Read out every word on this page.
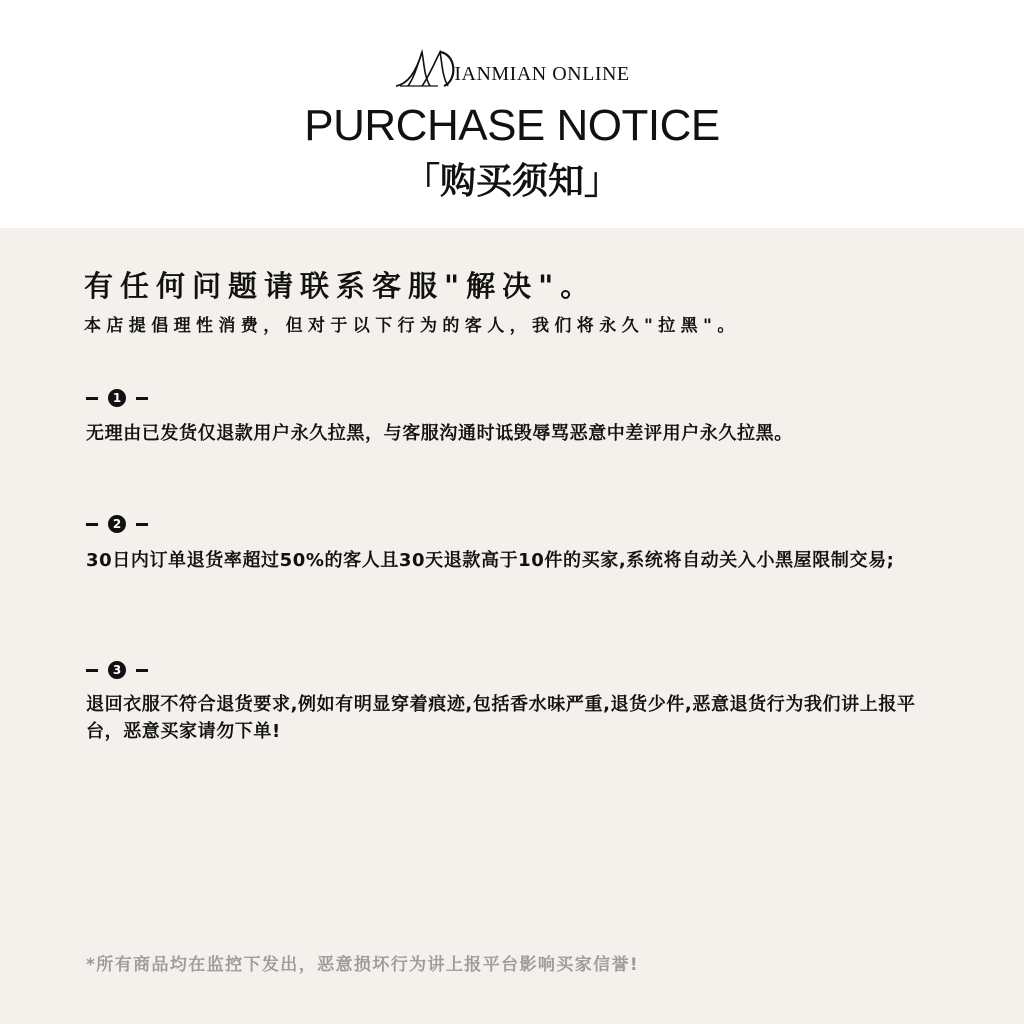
IANMIAN ONLINE
PURCHASE NOTICE
「购买须知」
有任何问题请联系客服"解决"。
本店提倡理性消费，但对于以下行为的客人，我们将永久"拉黑"。
1
无理由已发货仅退款用户永久拉黑，与客服沟通时诋毁辱骂恶意中差评用户永久拉黑。
2
30日内订单退货率超过50%的客人且30天退款高于10件的买家,系统将自动关入小黑屋限制交易;
3
退回衣服不符合退货要求,例如有明显穿着痕迹,包括香水味严重,退货少件,恶意退货行为我们讲上报平台，恶意买家请勿下单!
*所有商品均在监控下发出，恶意损坏行为讲上报平台影响买家信誉!
